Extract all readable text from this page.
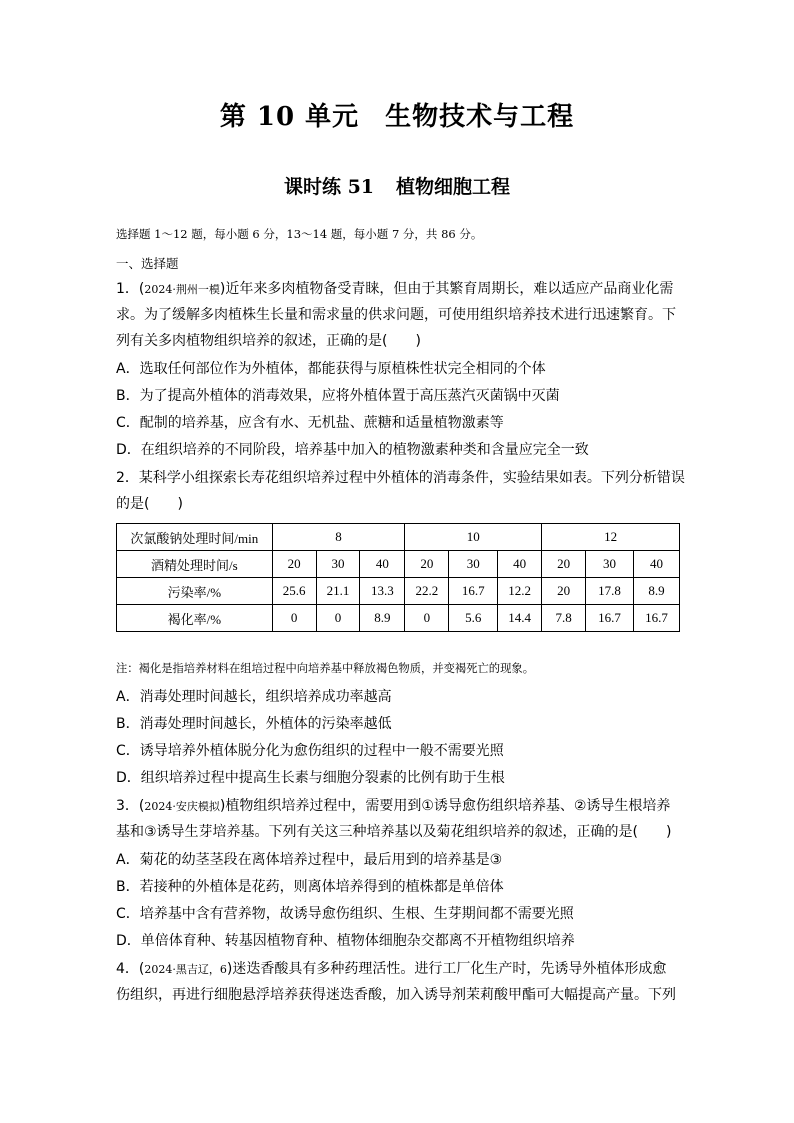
第 10 单元 生物技术与工程
课时练 51 植物细胞工程
选择题 1～12 题，每小题 6 分，13～14 题，每小题 7 分，共 86 分。
一、选择题
1．(2024·荆州一模)近年来多肉植物备受青睐，但由于其繁育周期长，难以适应产品商业化需
求。为了缓解多肉植株生长量和需求量的供求问题，可使用组织培养技术进行迅速繁育。下
列有关多肉植物组织培养的叙述，正确的是(　　)
A．选取任何部位作为外植体，都能获得与原植株性状完全相同的个体
B．为了提高外植体的消毒效果，应将外植体置于高压蒸汽灭菌锅中灭菌
C．配制的培养基，应含有水、无机盐、蔗糖和适量植物激素等
D．在组织培养的不同阶段，培养基中加入的植物激素种类和含量应完全一致
2．某科学小组探索长寿花组织培养过程中外植体的消毒条件，实验结果如表。下列分析错误
的是(　　)
次氯酸钠处理时间/min	8			10			12		
酒精处理时间/s	20	30	40	20	30	40	20	30	40
污染率/%	25.6	21.1	13.3	22.2	16.7	12.2	20	17.8	8.9
褐化率/%	0	0	8.9	0	5.6	14.4	7.8	16.7	16.7
注：褐化是指培养材料在组培过程中向培养基中释放褐色物质，并变褐死亡的现象。
A．消毒处理时间越长，组织培养成功率越高
B．消毒处理时间越长，外植体的污染率越低
C．诱导培养外植体脱分化为愈伤组织的过程中一般不需要光照
D．组织培养过程中提高生长素与细胞分裂素的比例有助于生根
3．(2024·安庆模拟)植物组织培养过程中，需要用到①诱导愈伤组织培养基、②诱导生根培养
基和③诱导生芽培养基。下列有关这三种培养基以及菊花组织培养的叙述，正确的是(　　)
A．菊花的幼茎茎段在离体培养过程中，最后用到的培养基是③
B．若接种的外植体是花药，则离体培养得到的植株都是单倍体
C．培养基中含有营养物，故诱导愈伤组织、生根、生芽期间都不需要光照
D．单倍体育种、转基因植物育种、植物体细胞杂交都离不开植物组织培养
4．(2024·黑吉辽，6)迷迭香酸具有多种药理活性。进行工厂化生产时，先诱导外植体形成愈
伤组织，再进行细胞悬浮培养获得迷迭香酸，加入诱导剂茉莉酸甲酯可大幅提高产量。下列
